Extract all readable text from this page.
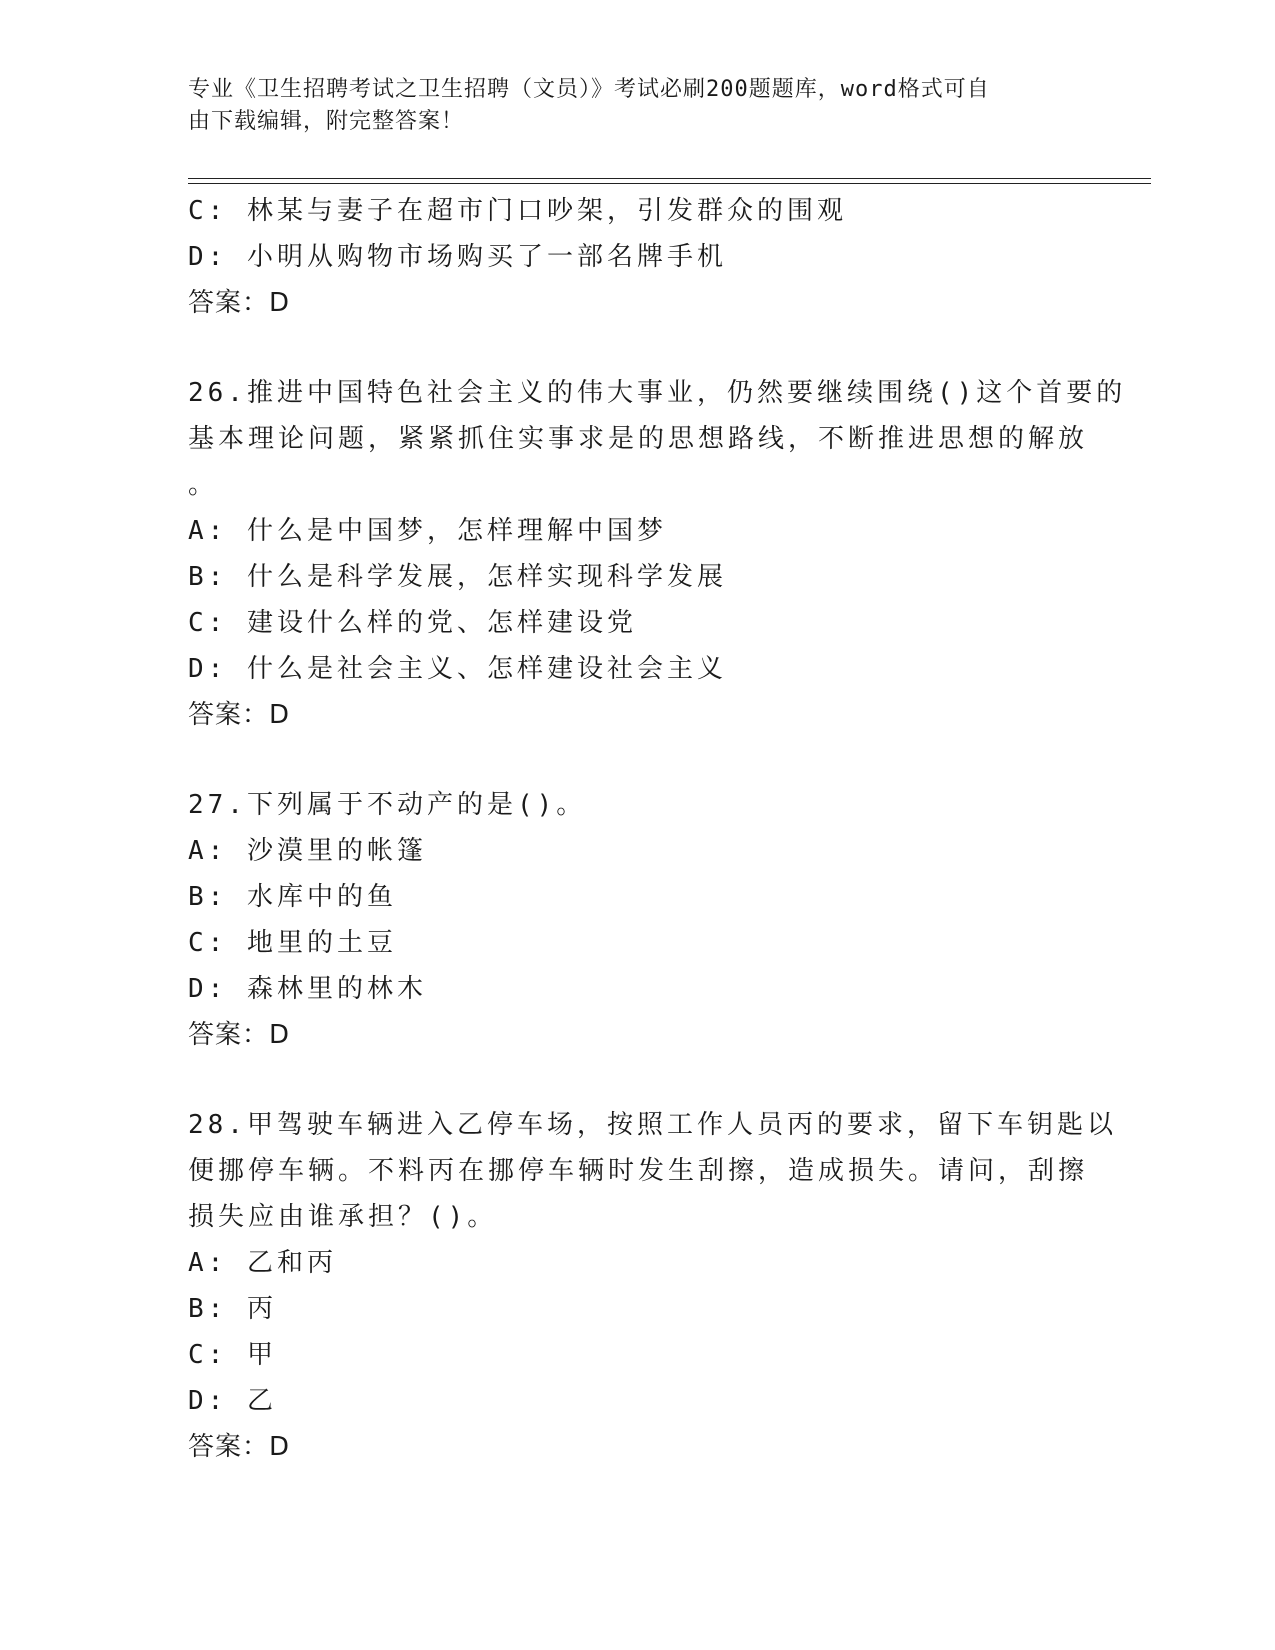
专业《卫生招聘考试之卫生招聘（文员）》考试必刷200题题库，word格式可自
由下载编辑，附完整答案！
C: 林某与妻子在超市门口吵架，引发群众的围观
D: 小明从购物市场购买了一部名牌手机
答案：D
26.推进中国特色社会主义的伟大事业，仍然要继续围绕()这个首要的
基本理论问题，紧紧抓住实事求是的思想路线，不断推进思想的解放
。
A: 什么是中国梦，怎样理解中国梦
B: 什么是科学发展，怎样实现科学发展
C: 建设什么样的党、怎样建设党
D: 什么是社会主义、怎样建设社会主义
答案：D
27.下列属于不动产的是()。
A: 沙漠里的帐篷
B: 水库中的鱼
C: 地里的土豆
D: 森林里的林木
答案：D
28.甲驾驶车辆进入乙停车场，按照工作人员丙的要求，留下车钥匙以
便挪停车辆。不料丙在挪停车辆时发生刮擦，造成损失。请问，刮擦
损失应由谁承担？()。
A: 乙和丙
B: 丙
C: 甲
D: 乙
答案：D
